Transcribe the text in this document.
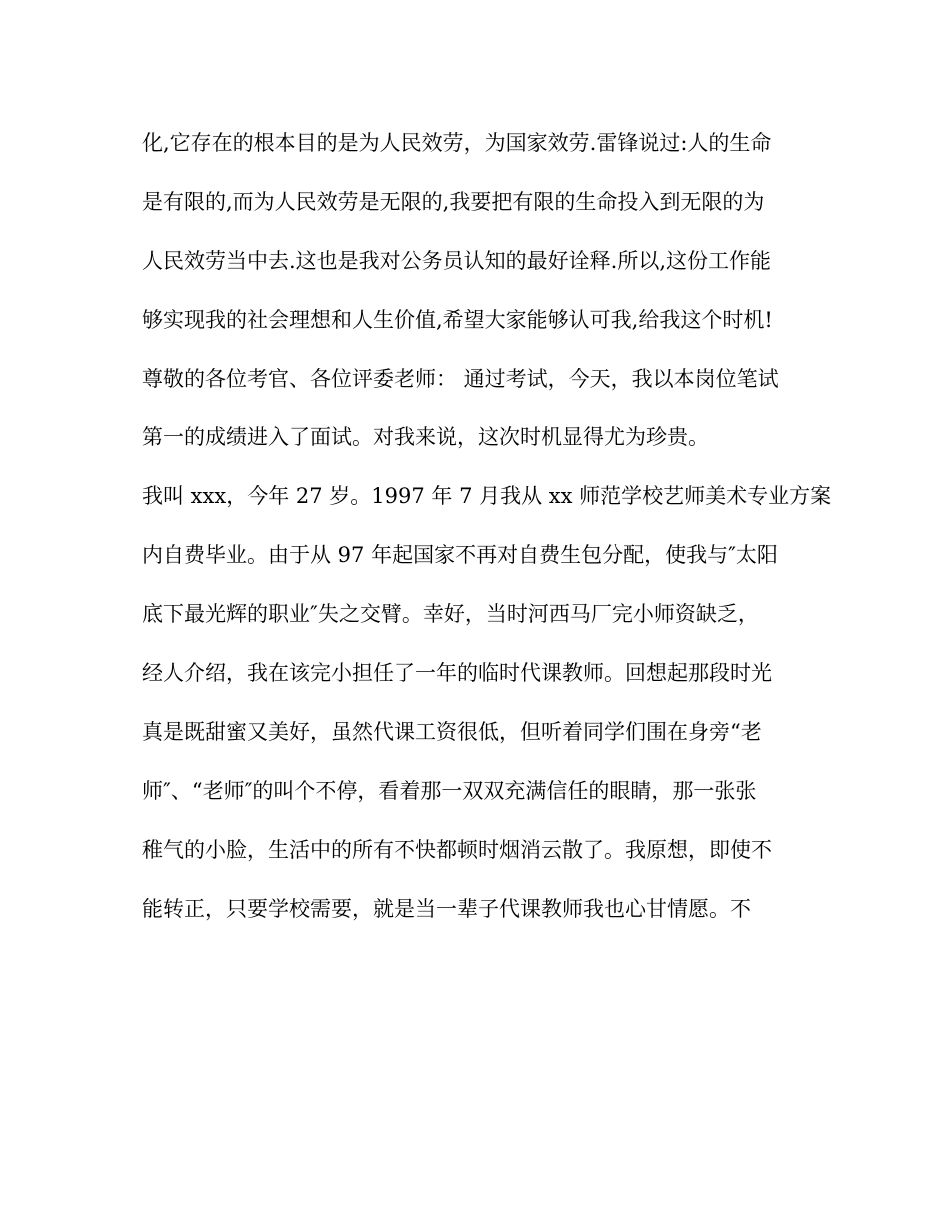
化,它存在的根本目的是为人民效劳，为国家效劳.雷锋说过:人的生命
是有限的,而为人民效劳是无限的,我要把有限的生命投入到无限的为
人民效劳当中去.这也是我对公务员认知的最好诠释.所以,这份工作能
够实现我的社会理想和人生价值,希望大家能够认可我,给我这个时机!
尊敬的各位考官、各位评委老师： 通过考试，今天，我以本岗位笔试
第一的成绩进入了面试。对我来说，这次时机显得尤为珍贵。
我叫 xxx，今年 27 岁。1997 年 7 月我从 xx 师范学校艺师美术专业方案
内自费毕业。由于从 97 年起国家不再对自费生包分配，使我与″太阳
底下最光辉的职业″失之交臂。幸好，当时河西马厂完小师资缺乏，
经人介绍，我在该完小担任了一年的临时代课教师。回想起那段时光
真是既甜蜜又美好，虽然代课工资很低，但听着同学们围在身旁“老
师″、“老师″的叫个不停，看着那一双双充满信任的眼睛，那一张张
稚气的小脸，生活中的所有不快都顿时烟消云散了。我原想，即使不
能转正，只要学校需要，就是当一辈子代课教师我也心甘情愿。不
